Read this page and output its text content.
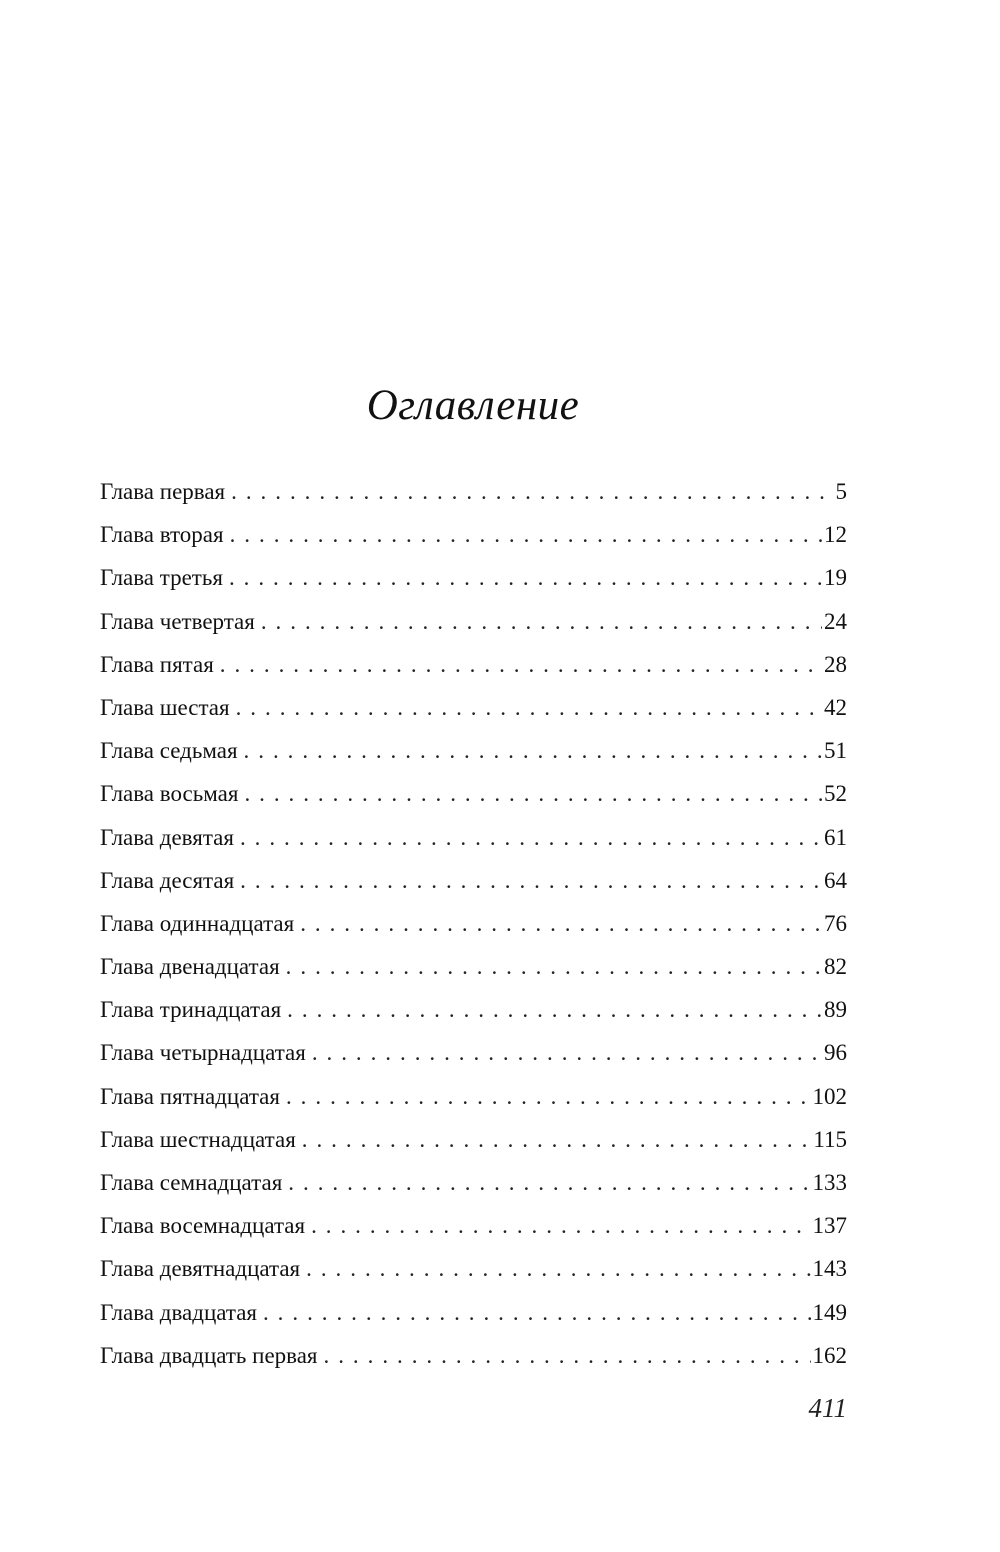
Оглавление
Глава первая . . .	5
Глава вторая . . .	12
Глава третья . . .	19
Глава четвертая . . .	24
Глава пятая . . .	28
Глава шестая . . .	42
Глава седьмая . . .	51
Глава восьмая . . .	52
Глава девятая . . .	61
Глава десятая . . .	64
Глава одиннадцатая . . .	76
Глава двенадцатая . . .	82
Глава тринадцатая . . .	89
Глава четырнадцатая . . .	96
Глава пятнадцатая . . .	102
Глава шестнадцатая . . .	115
Глава семнадцатая . . .	133
Глава восемнадцатая . . .	137
Глава девятнадцатая . . .	143
Глава двадцатая . . .	149
Глава двадцать первая . . .	162
411
